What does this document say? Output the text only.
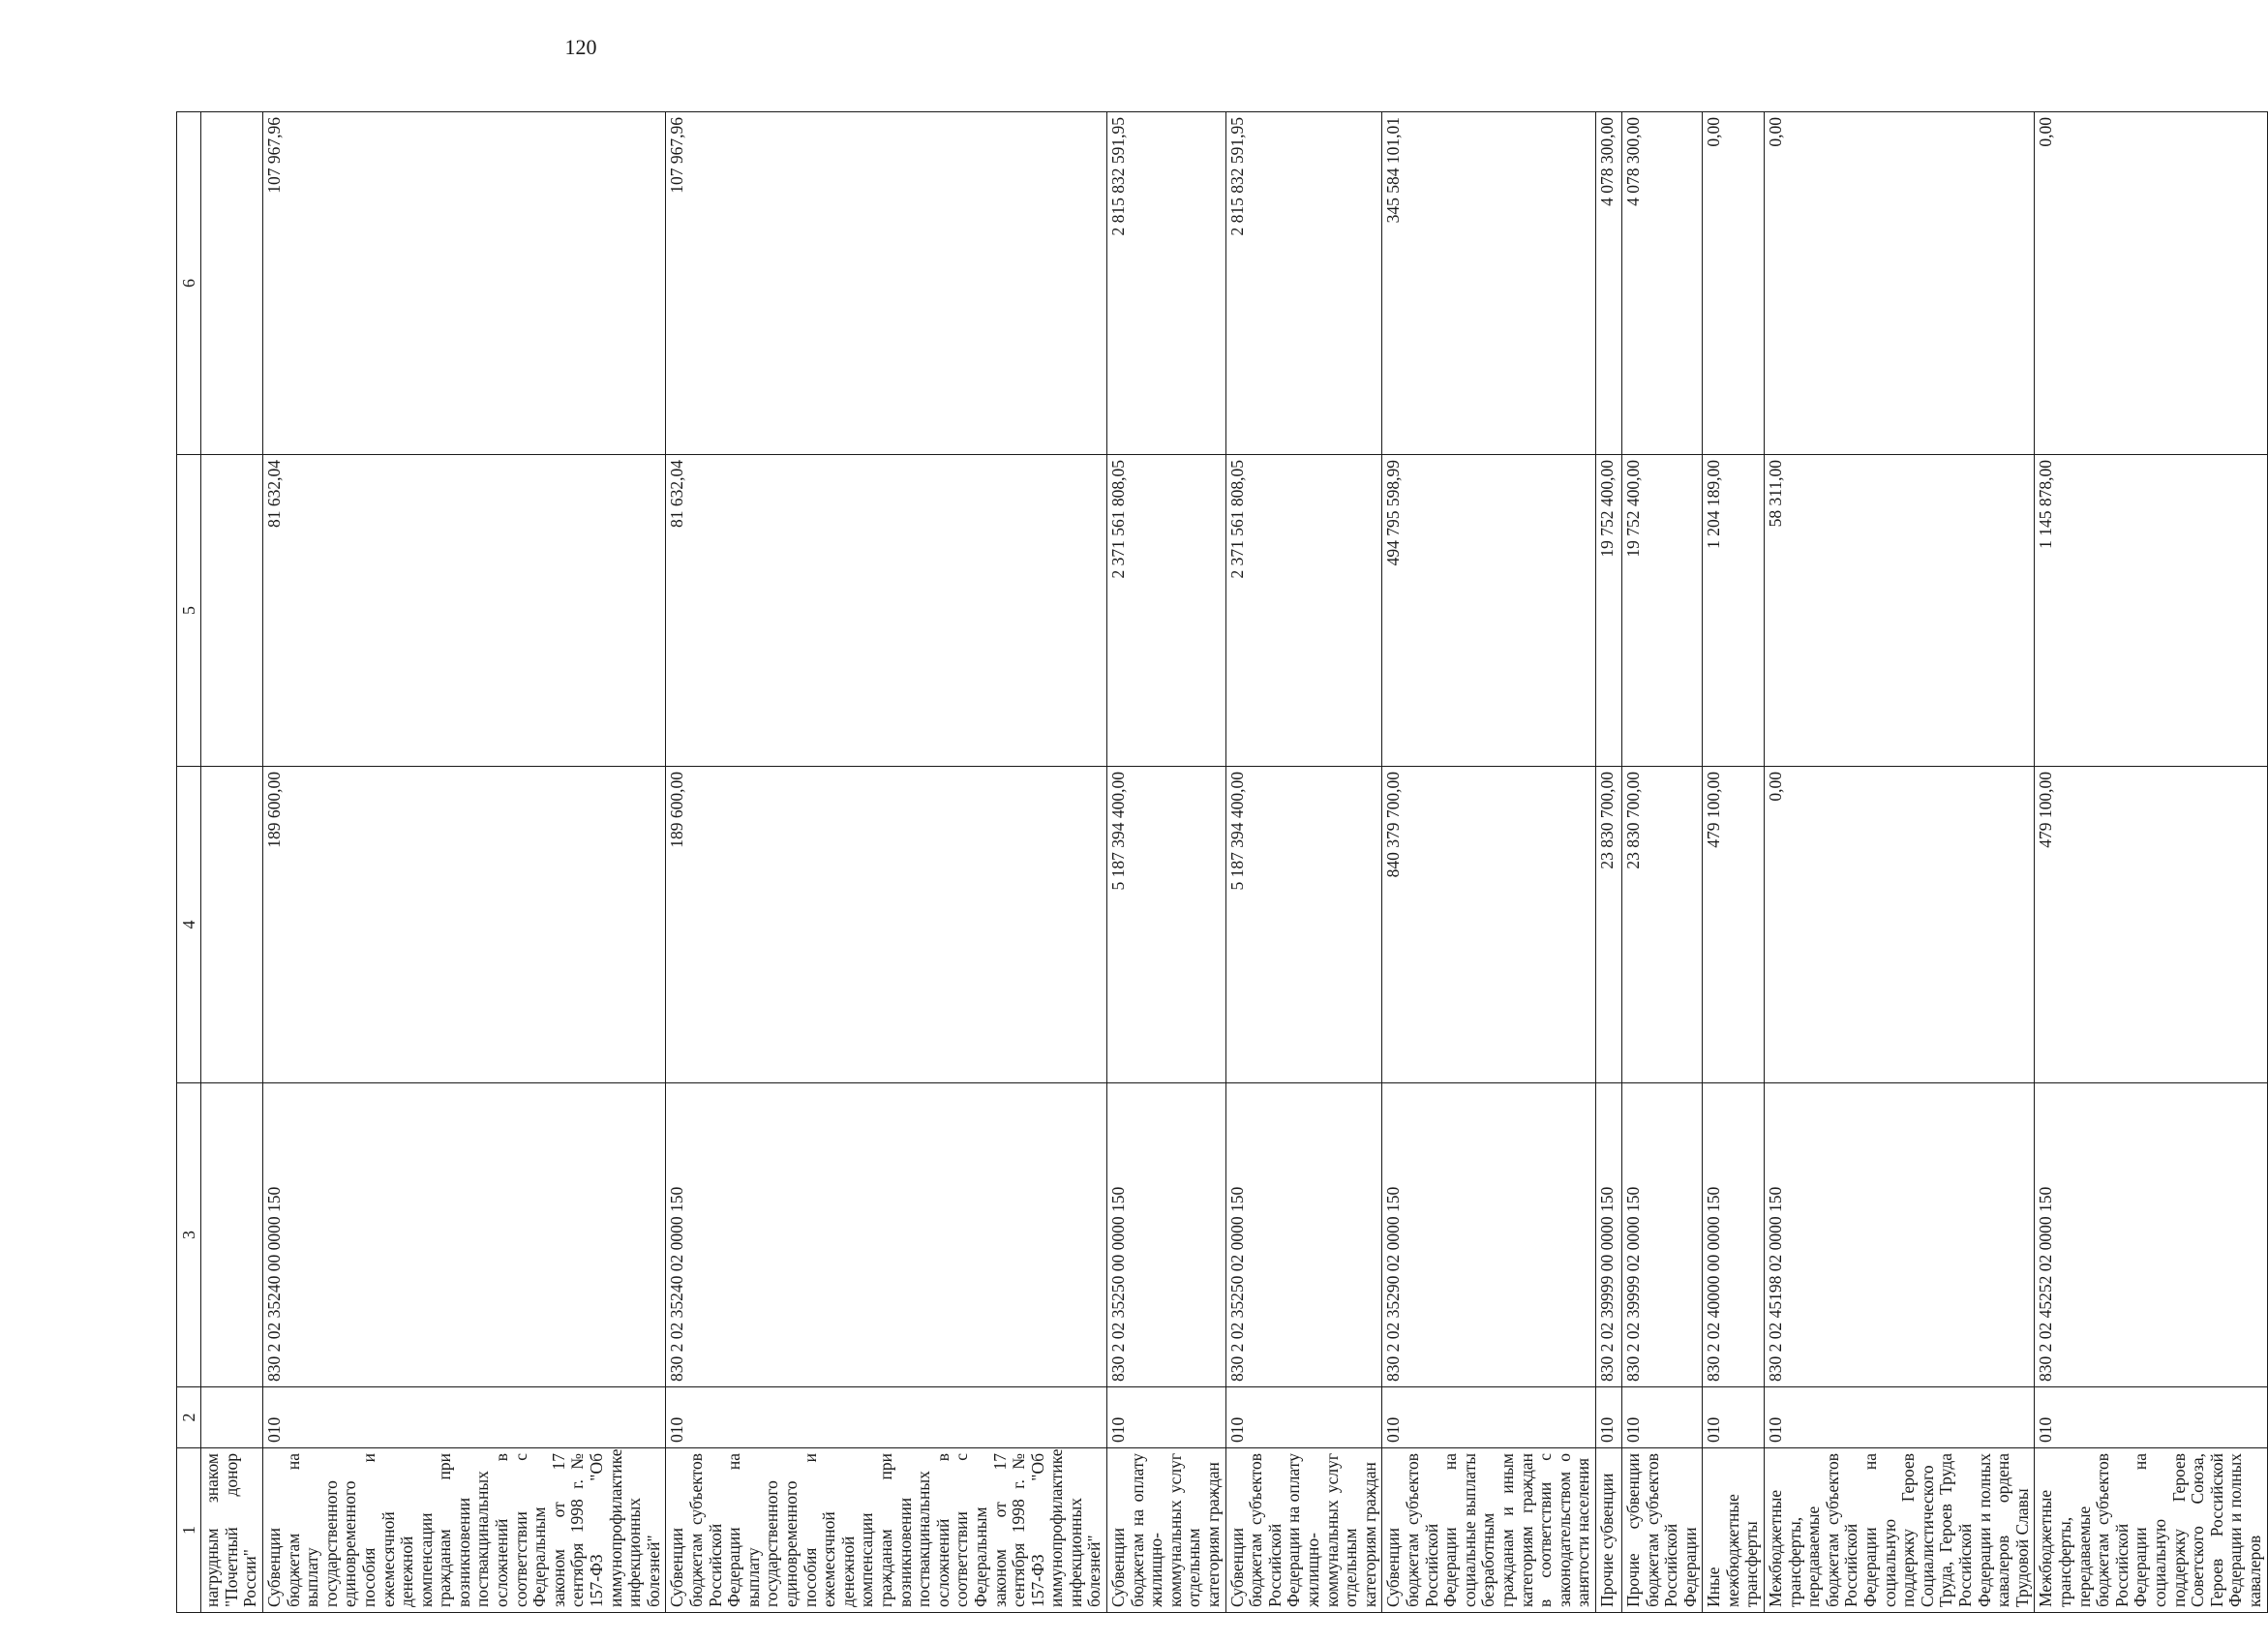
120
1	2	3	4	5	6
нагрудным знаком "Почетный донор России"					
Субвенции бюджетам на выплату государственного единовременного пособия и ежемесячной денежной компенсации гражданам при возникновении поствакцинальных осложнений в соответствии с Федеральным законом от 17 сентября 1998 г. № 157-ФЗ "Об иммунопрофилактике инфекционных болезней"	010	830 2 02 35240 00 0000 150	189 600,00	81 632,04	107 967,96
Субвенции бюджетам субъектов Российской Федерации на выплату государственного единовременного пособия и ежемесячной денежной компенсации гражданам при возникновении поствакцинальных осложнений в соответствии с Федеральным законом от 17 сентября 1998 г. № 157-ФЗ "Об иммунопрофилактике инфекционных болезней"	010	830 2 02 35240 02 0000 150	189 600,00	81 632,04	107 967,96
Субвенции бюджетам на оплату жилищно-коммунальных услуг отдельным категориям граждан	010	830 2 02 35250 00 0000 150	5 187 394 400,00	2 371 561 808,05	2 815 832 591,95
Субвенции бюджетам субъектов Российской Федерации на оплату жилищно-коммунальных услуг отдельным категориям граждан	010	830 2 02 35250 02 0000 150	5 187 394 400,00	2 371 561 808,05	2 815 832 591,95
Субвенции бюджетам субъектов Российской Федерации на социальные выплаты безработным гражданам и иным категориям граждан в соответствии с законодательством о занятости населения	010	830 2 02 35290 02 0000 150	840 379 700,00	494 795 598,99	345 584 101,01
Прочие субвенции	010	830 2 02 39999 00 0000 150	23 830 700,00	19 752 400,00	4 078 300,00
Прочие субвенции бюджетам субъектов Российской Федерации	010	830 2 02 39999 02 0000 150	23 830 700,00	19 752 400,00	4 078 300,00
Иные межбюджетные трансферты	010	830 2 02 40000 00 0000 150	479 100,00	1 204 189,00	0,00
Межбюджетные трансферты, передаваемые бюджетам субъектов Российской Федерации на социальную поддержку Героев Социалистического Труда, Героев Труда Российской Федерации и полных кавалеров ордена Трудовой Славы	010	830 2 02 45198 02 0000 150	0,00	58 311,00	0,00
Межбюджетные трансферты, передаваемые бюджетам субъектов Российской Федерации на социальную поддержку Героев Советского Союза, Героев Российской Федерации и полных кавалеров	010	830 2 02 45252 02 0000 150	479 100,00	1 145 878,00	0,00
